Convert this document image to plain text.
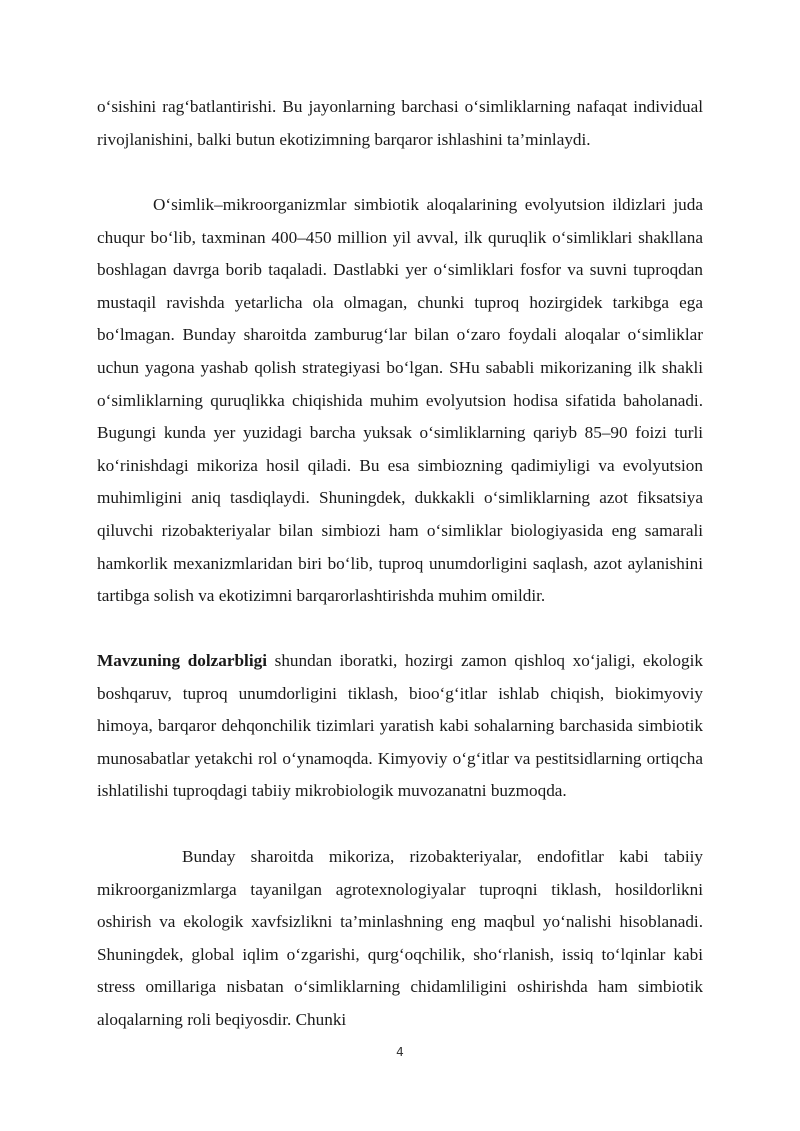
o‘sishini rag‘batlantirishi. Bu jayonlarning barchasi o‘simliklarning nafaqat individual rivojlanishini, balki butun ekotizimning barqaror ishlashini ta’minlaydi.

O‘simlik–mikroorganizmlar simbiotik aloqalarining evolyutsion ildizlari juda chuqur bo‘lib, taxminan 400–450 million yil avval, ilk quruqlik o‘simliklari shakllana boshlagan davrga borib taqaladi. Dastlabki yer o‘simliklari fosfor va suvni tuproqdan mustaqil ravishda yetarlicha ola olmagan, chunki tuproq hozirgidek tarkibga ega bo‘lmagan. Bunday sharoitda zamburug‘lar bilan o‘zaro foydali aloqalar o‘simliklar uchun yagona yashab qolish strategiyasi bo‘lgan. SHu sababli mikorizaning ilk shakli o‘simliklarning quruqlikka chiqishida muhim evolyutsion hodisa sifatida baholanadi. Bugungi kunda yer yuzidagi barcha yuksak o‘simliklarning qariyb 85–90 foizi turli ko‘rinishdagi mikoriza hosil qiladi. Bu esa simbiozning qadimiyligi va evolyutsion muhimligini aniq tasdiqlaydi. Shuningdek, dukkakli o‘simliklarning azot fiksatsiya qiluvchi rizobakteriyalar bilan simbiozi ham o‘simliklar biologiyasida eng samarali hamkorlik mexanizmlaridan biri bo‘lib, tuproq unumdorligini saqlash, azot aylanishini tartibga solish va ekotizimni barqarorlashtirishda muhim omildir.

Mavzuning dolzarbligi shundan iboratki, hozirgi zamon qishloq xo‘jaligi, ekologik boshqaruv, tuproq unumdorligini tiklash, bioo‘g‘itlar ishlab chiqish, biokimyoviy himoya, barqaror dehqonchilik tizimlari yaratish kabi sohalarning barchasida simbiotik munosabatlar yetakchi rol o‘ynamoqda. Kimyoviy o‘g‘itlar va pestitsidlarning ortiqcha ishlatilishi tuproqdagi tabiiy mikrobiologik muvozanatni buzmoqda.

Bunday sharoitda mikoriza, rizobakteriyalar, endofitlar kabi tabiiy mikroorganizmlarga tayanilgan agrotexnologiyalar tuproqni tiklash, hosildorlikni oshirish va ekologik xavfsizlikni ta’minlashning eng maqbul yo‘nalishi hisoblanadi. Shuningdek, global iqlim o‘zgarishi, qurg‘oqchilik, sho‘rlanish, issiq to‘lqinlar kabi stress omillariga nisbatan o‘simliklarning chidamliligini oshirishda ham simbiotik aloqalarning roli beqiyosdir. Chunki

4
